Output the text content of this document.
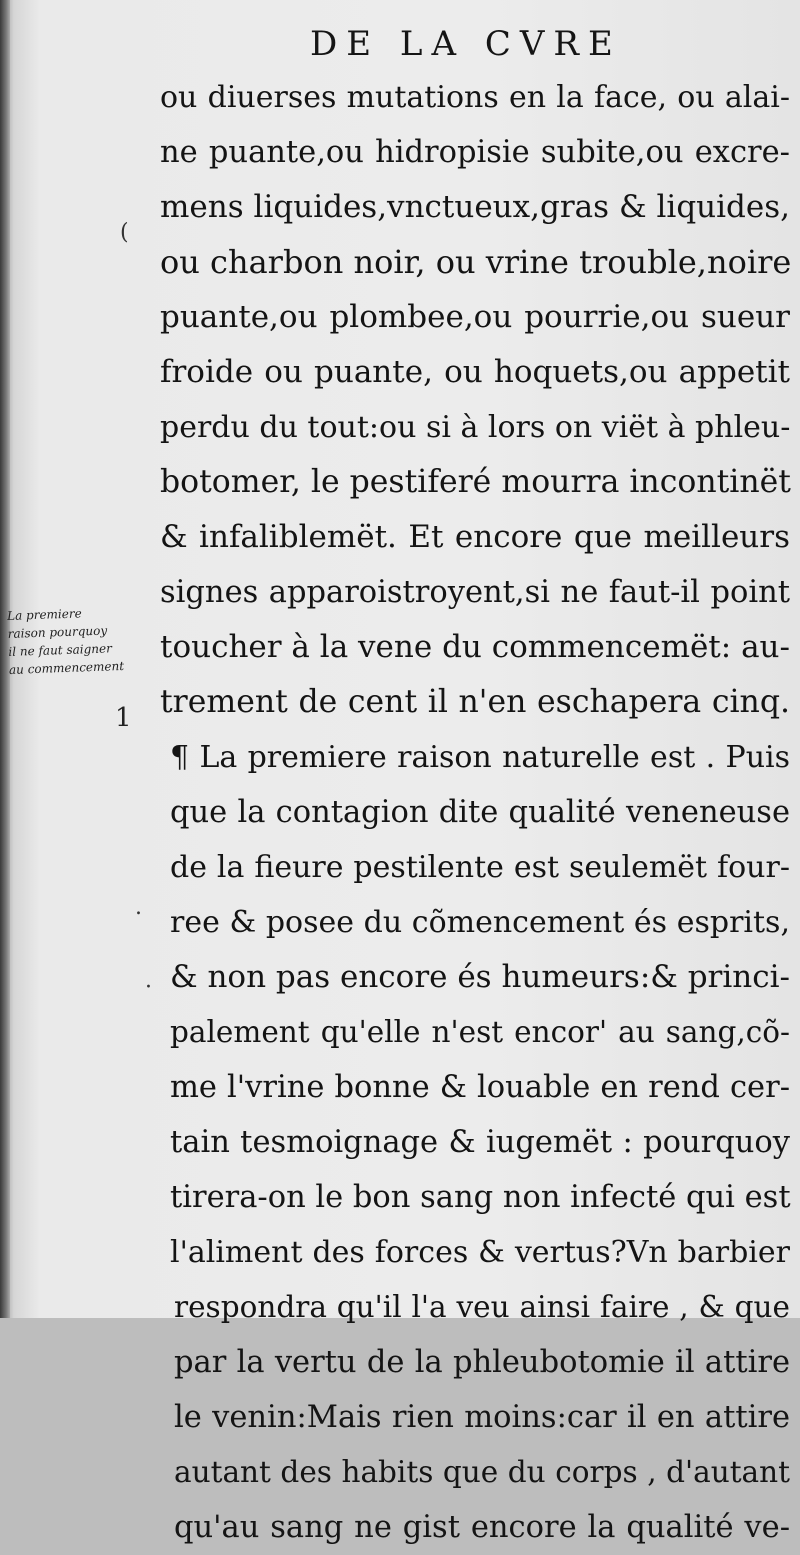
DE LA CVRE
La premiere
raison pourquoy
il ne faut saigner
au commencement
1
(
.
·
ou diuerses mutations en la face, ou alai-
ne puante,ou hidropisie subite,ou excre-
mens liquides,vnctueux,gras & liquides,
ou charbon noir, ou vrine trouble,noire
puante,ou plombee,ou pourrie,ou sueur
froide ou puante, ou hoquets,ou appetit
perdu du tout:ou si à lors on viët à phleu-
botomer, le pestiferé mourra incontinët
& infaliblemët. Et encore que meilleurs
signes apparoistroyent,si ne faut-il point
toucher à la vene du commencemët: au-
trement de cent il n'en eschapera cinq.
¶ La premiere raison naturelle est . Puis
que la contagion dite qualité veneneuse
de la fieure pestilente est seulemët four-
ree & posee du cõmencement és esprits,
& non pas encore és humeurs:& princi-
palement qu'elle n'est encor' au sang,cõ-
me l'vrine bonne & louable en rend cer-
tain tesmoignage & iugemët : pourquoy
tirera-on le bon sang non infecté qui est
l'aliment des forces & vertus?Vn barbier
respondra qu'il l'a veu ainsi faire , & que
par la vertu de la phleubotomie il attire
le venin:Mais rien moins:car il en attire
autant des habits que du corps , d'autant
qu'au sang ne gist encore la qualité ve-
